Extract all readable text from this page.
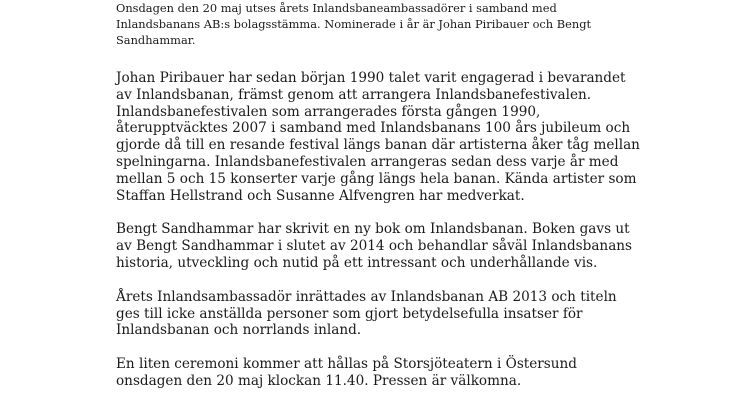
Onsdagen den 20 maj utses årets Inlandsbaneambassadörer i samband med Inlandsbanans AB:s bolagsstämma. Nominerade i år är Johan Piribauer och Bengt Sandhammar.

Johan Piribauer har sedan början 1990 talet varit engagerad i bevarandet av Inlandsbanan, främst genom att arrangera Inlandsbanefestivalen. Inlandsbanefestivalen som arrangerades första gången 1990, återupptväcktes 2007 i samband med Inlandsbanans 100 års jubileum och gjorde då till en resande festival längs banan där artisterna åker tåg mellan spelningarna. Inlandsbanefestivalen arrangeras sedan dess varje år med mellan 5 och 15 konserter varje gång längs hela banan. Kända artister som Staffan Hellstrand och Susanne Alfvengren har medverkat.

Bengt Sandhammar har skrivit en ny bok om Inlandsbanan. Boken gavs ut av Bengt Sandhammar i slutet av 2014 och behandlar såväl Inlandsbanans historia, utveckling och nutid på ett intressant och underhållande vis.

Årets Inlandsambassadör inrättades av Inlandsbanan AB 2013 och titeln ges till icke anställda personer som gjort betydelsefulla insatser för Inlandsbanan och norrlands inland.

En liten ceremoni kommer att hållas på Storsjöteatern i Östersund onsdagen den 20 maj klockan 11.40. Pressen är välkomna.
